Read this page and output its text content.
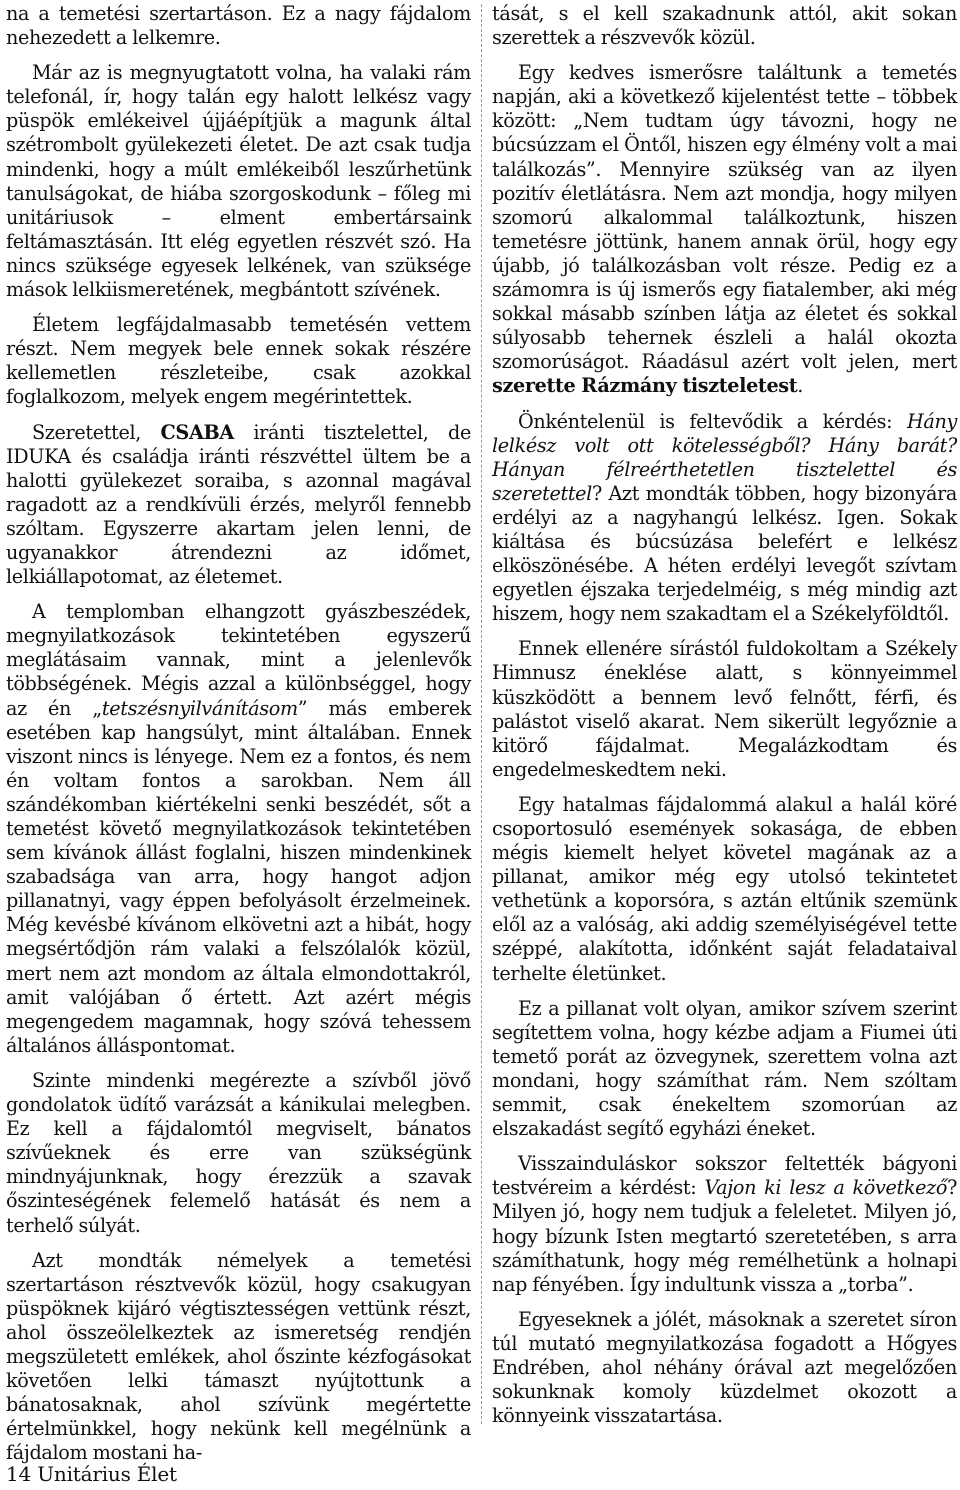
na a temetési szertartáson. Ez a nagy fájdalom nehezedett a lelkemre.

Már az is megnyugtatott volna, ha valaki rám telefonál, ír, hogy talán egy halott lelkész vagy püspök emlékeivel újjáépítjük a magunk által szétrombolt gyülekezeti életet. De azt csak tudja mindenki, hogy a múlt emlékeiből leszűrhetünk tanulságokat, de hiába szorgoskodunk – főleg mi unitáriusok – elment embertársaink feltámasztásán. Itt elég egyetlen részvét szó. Ha nincs szüksége egyesek lelkének, van szüksége mások lelkiismeretének, megbántott szívének.

Életem legfájdalmasabb temetésén vettem részt. Nem megyek bele ennek sokak részére kellemetlen részleteibe, csak azokkal foglalkozom, melyek engem megérintettek.

Szeretettel, CSABA iránti tisztelettel, de IDUKA és családja iránti részvéttel ültem be a halotti gyülekezet soraiba, s azonnal magával ragadott az a rendkívüli érzés, melyről fennebb szóltam. Egyszerre akartam jelen lenni, de ugyanakkor átrendezni az időmet, lelkiállapotomat, az életemet.

A templomban elhangzott gyászbeszédek, megnyilatkozások tekintetében egyszerű meglátásaim vannak, mint a jelenlevők többségének. Mégis azzal a különbséggel, hogy az én „tetszésnyilvánításom” más emberek esetében kap hangsúlyt, mint általában. Ennek viszont nincs is lényege. Nem ez a fontos, és nem én voltam fontos a sarokban. Nem áll szándékomban kiértékelni senki beszédét, sőt a temetést követő megnyilatkozások tekintetében sem kívánok állást foglalni, hiszen mindenkinek szabadsága van arra, hogy hangot adjon pillanatnyi, vagy éppen befolyásolt érzelmeinek. Még kevésbé kívánom elkövetni azt a hibát, hogy megsértődjön rám valaki a felszólalók közül, mert nem azt mondom az általa elmondottakról, amit valójában ő értett. Azt azért mégis megengedem magamnak, hogy szóvá tehessem általános álláspontomat.

Szinte mindenki megérezte a szívből jövő gondolatok üdítő varázsát a kánikulai melegben. Ez kell a fájdalomtól megviselt, bánatos szívűeknek és erre van szükségünk mindnyájunknak, hogy érezzük a szavak őszinteségének felemelő hatását és nem a terhelő súlyát.

Azt mondták némelyek a temetési szertartáson résztvevők közül, hogy csakugyan püspöknek kijáró végtisztességen vettünk részt, ahol összeölelkeztek az ismeretség rendjén megszületett emlékek, ahol őszinte kézfogásokat követően lelki támaszt nyújtottunk a bánatosaknak, ahol szívünk megértette értelmünkkel, hogy nekünk kell megélnünk a fájdalom mostani ha-

tását, s el kell szakadnunk attól, akit sokan szerettek a részvevők közül.

Egy kedves ismerősre találtunk a temetés napján, aki a következő kijelentést tette – többek között: „Nem tudtam úgy távozni, hogy ne búcsúzzam el Öntől, hiszen egy élmény volt a mai találkozás”. Mennyire szükség van az ilyen pozitív életlátásra. Nem azt mondja, hogy milyen szomorú alkalommal találkoztunk, hiszen temetésre jöttünk, hanem annak örül, hogy egy újabb, jó találkozásban volt része. Pedig ez a számomra is új ismerős egy fiatalember, aki még sokkal másabb színben látja az életet és sokkal súlyosabb tehernek észleli a halál okozta szomorúságot. Ráadásul azért volt jelen, mert szerette Rázmány tiszteletest.

Önkéntelenül is feltevődik a kérdés: Hány lelkész volt ott kötelességből? Hány barát? Hányan félreérthetetlen tisztelettel és szeretettel? Azt mondták többen, hogy bizonyára erdélyi az a nagyhangú lelkész. Igen. Sokak kiáltása és búcsúzása belefért e lelkész elköszönésébe. A héten erdélyi levegőt szívtam egyetlen éjszaka terjedelméig, s még mindig azt hiszem, hogy nem szakadtam el a Székelyföldtől.

Ennek ellenére sírástól fuldokoltam a Székely Himnusz éneklése alatt, s könnyeimmel küszködött a bennem levő felnőtt, férfi, és palástot viselő akarat. Nem sikerült legyőznie a kitörő fájdalmat. Megalázkodtam és engedelmeskedtem neki.

Egy hatalmas fájdalommá alakul a halál köré csoportosuló események sokasága, de ebben mégis kiemelt helyet követel magának az a pillanat, amikor még egy utolsó tekintetet vethetünk a koporsóra, s aztán eltűnik szemünk elől az a valóság, aki addig személyiségével tette széppé, alakította, időnként saját feladataival terhelte életünket.

Ez a pillanat volt olyan, amikor szívem szerint segítettem volna, hogy kézbe adjam a Fiumei úti temető porát az özvegynek, szerettem volna azt mondani, hogy számíthat rám. Nem szóltam semmit, csak énekeltem szomorúan az elszakadást segítő egyházi éneket.

Visszainduláskor sokszor feltették bágyoni testvéreim a kérdést: Vajon ki lesz a következő? Milyen jó, hogy nem tudjuk a feleletet. Milyen jó, hogy bízunk Isten megtartó szeretetében, s arra számíthatunk, hogy még remélhetünk a holnapi nap fényében. Így indultunk vissza a „torba”.

Egyeseknek a jólét, másoknak a szeretet síron túl mutató megnyilatkozása fogadott a Hőgyes Endrében, ahol néhány órával azt megelőzően sokunknak komoly küzdelmet okozott a könnyeink visszatartása.

14 Unitárius Élet
